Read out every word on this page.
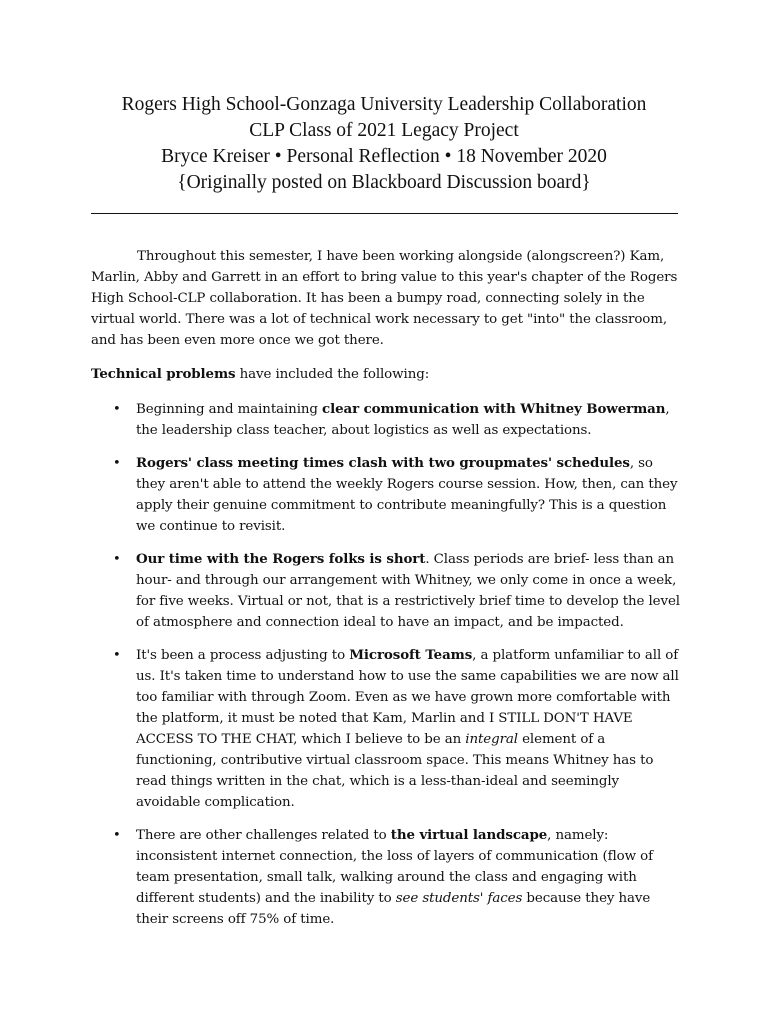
Rogers High School-Gonzaga University Leadership Collaboration
CLP Class of 2021 Legacy Project
Bryce Kreiser • Personal Reflection • 18 November 2020
{Originally posted on Blackboard Discussion board}

Throughout this semester, I have been working alongside (alongscreen?) Kam, Marlin, Abby and Garrett in an effort to bring value to this year's chapter of the Rogers High School-CLP collaboration. It has been a bumpy road, connecting solely in the virtual world. There was a lot of technical work necessary to get "into" the classroom, and has been even more once we got there.

Technical problems have included the following:

• Beginning and maintaining clear communication with Whitney Bowerman, the leadership class teacher, about logistics as well as expectations.
• Rogers' class meeting times clash with two groupmates' schedules, so they aren't able to attend the weekly Rogers course session. How, then, can they apply their genuine commitment to contribute meaningfully? This is a question we continue to revisit.
• Our time with the Rogers folks is short. Class periods are brief- less than an hour- and through our arrangement with Whitney, we only come in once a week, for five weeks. Virtual or not, that is a restrictively brief time to develop the level of atmosphere and connection ideal to have an impact, and be impacted.
• It's been a process adjusting to Microsoft Teams, a platform unfamiliar to all of us. It's taken time to understand how to use the same capabilities we are now all too familiar with through Zoom. Even as we have grown more comfortable with the platform, it must be noted that Kam, Marlin and I STILL DON'T HAVE ACCESS TO THE CHAT, which I believe to be an integral element of a functioning, contributive virtual classroom space. This means Whitney has to read things written in the chat, which is a less-than-ideal and seemingly avoidable complication.
• There are other challenges related to the virtual landscape, namely: inconsistent internet connection, the loss of layers of communication (flow of team presentation, small talk, walking around the class and engaging with different students) and the inability to see students' faces because they have their screens off 75% of time.
